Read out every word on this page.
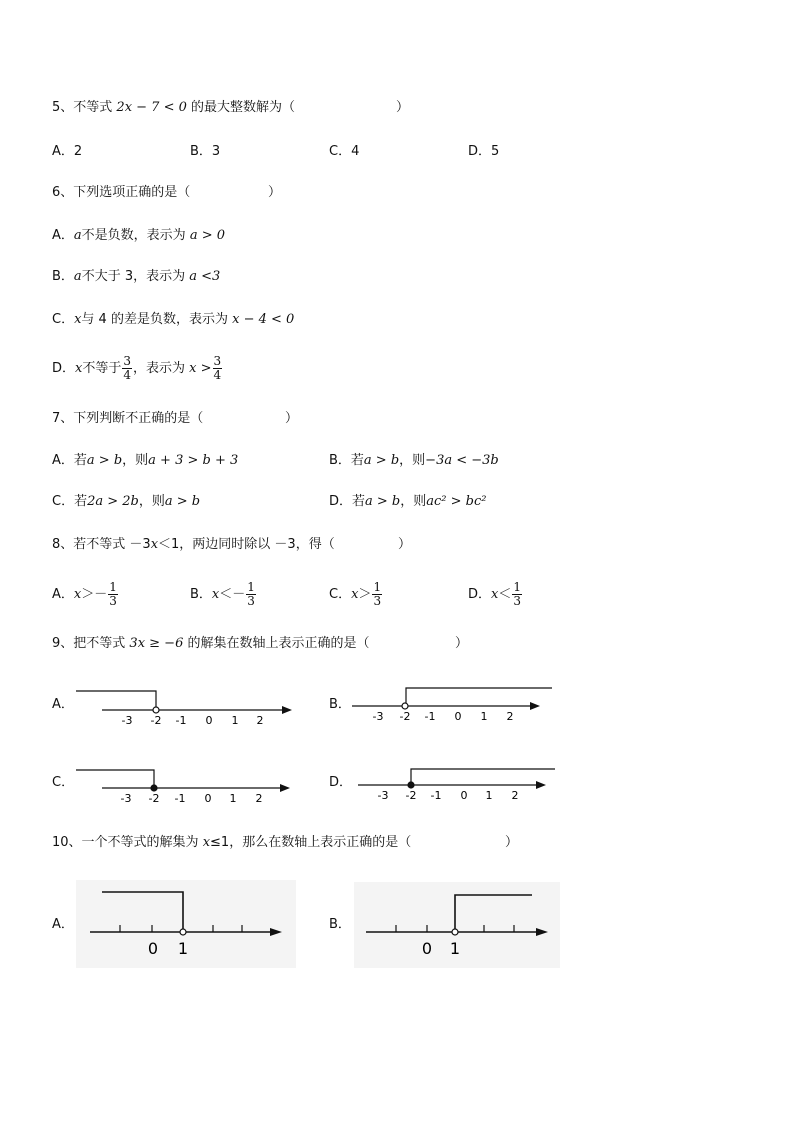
5、不等式 2x − 7 < 0 的最大整数解为（	）
A．2	B．3	C．4	D．5
6、下列选项正确的是（	）
A．a不是负数，表示为 a > 0
B．a不大于 3，表示为 a <3
C．x与 4 的差是负数，表示为 x − 4 < 0
D．x不等于 $\frac{3}{4}$ ，表示为 $x > \frac{3}{4}$
7、下列判断不正确的是（	）
A．若a > b，则a + 3 > b + 3	B．若a > b，则−3a < −3b
C．若2a > 2b，则a > b	D．若a > b，则ac² > bc²
8、若不等式 －3x＜1，两边同时除以 －3，得（	）
A．$x>- \frac{1}{3}$	B．$x<- \frac{1}{3}$	C．$x> \frac{1}{3}$	D．$x< \frac{1}{3}$
9、把不等式 3x ≥ −6 的解集在数轴上表示正确的是（	）
A．	B．
C．	D．
-3 -2 -1 0 1 2	-3 -2 -1 0 1 2
-3 -2 -1 0 1 2	-3 -2 -1 0 1 2
10、一个不等式的解集为 x≤1，那么在数轴上表示正确的是（	）
A．	B．
0 1	0 1
